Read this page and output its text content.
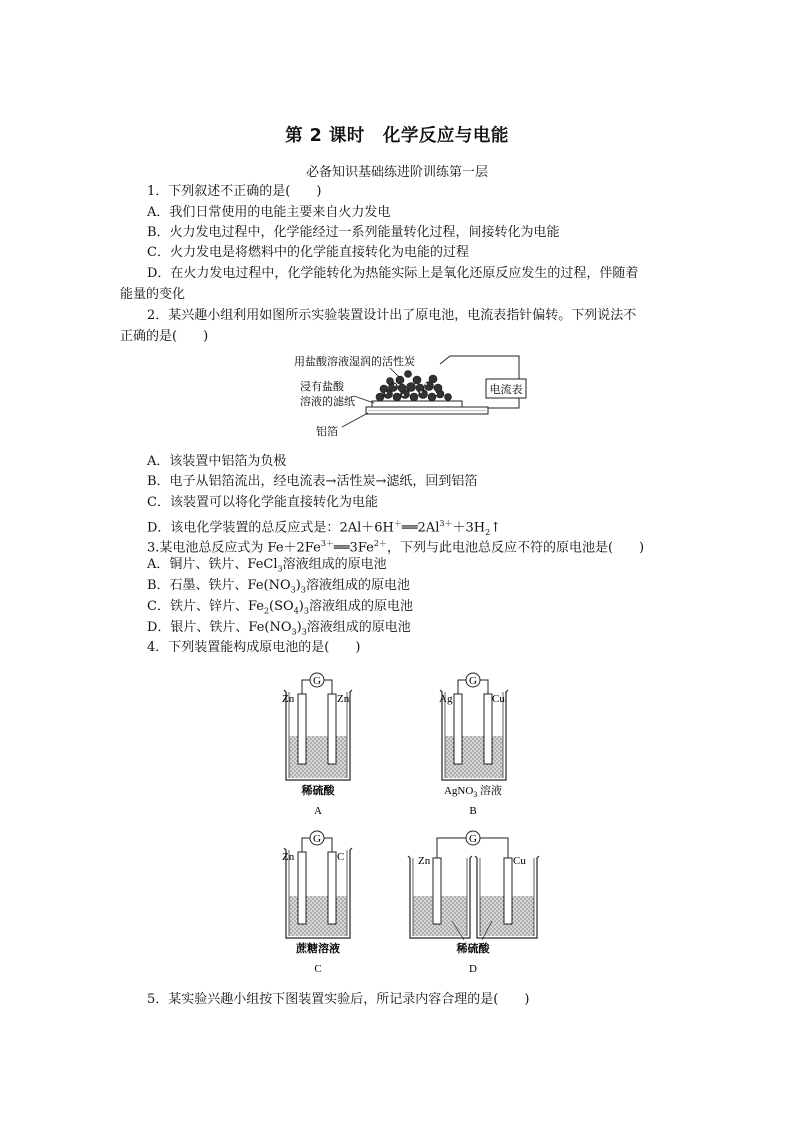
第 2 课时　化学反应与电能
必备知识基础练进阶训练第一层
1．下列叙述不正确的是(　　)
A．我们日常使用的电能主要来自火力发电
B．火力发电过程中，化学能经过一系列能量转化过程，间接转化为电能
C．火力发电是将燃料中的化学能直接转化为电能的过程
D．在火力发电过程中，化学能转化为热能实际上是氧化还原反应发生的过程，伴随着
能量的变化
2．某兴趣小组利用如图所示实验装置设计出了原电池，电流表指针偏转。下列说法不
正确的是(　　)
电流表
用盐酸溶液湿润的活性炭
浸有盐酸
溶液的滤纸
铝箔
A．该装置中铝箔为负极
B．电子从铝箔流出，经电流表→活性炭→滤纸，回到铝箔
C．该装置可以将化学能直接转化为电能
D．该电化学装置的总反应式是：$2Al+6H^+══2Al^{3+}+3H_2↑$
3.某电池总反应式为 $Fe+2Fe^{3+}══3Fe^{2+}$，下列与此电池总反应不符的原电池是(　　)
A．铜片、铁片、FeCl$_3$溶液组成的原电池
B．石墨、铁片、$Fe(NO_3)_3$溶液组成的原电池
C．铁片、锌片、$Fe_2(SO_4)_3$溶液组成的原电池
D．银片、铁片、$Fe(NO_3)_3$溶液组成的原电池
4．下列装置能构成原电池的是(　　)
G
Zn	Zn
稀硫酸
A
G
Ag	Cu
AgNO$_3$ 溶液
B
G
Zn	C
蔗糖溶液
C
G
Zn	Cu
稀硫酸
D
5．某实验兴趣小组按下图装置实验后，所记录内容合理的是(　　)
